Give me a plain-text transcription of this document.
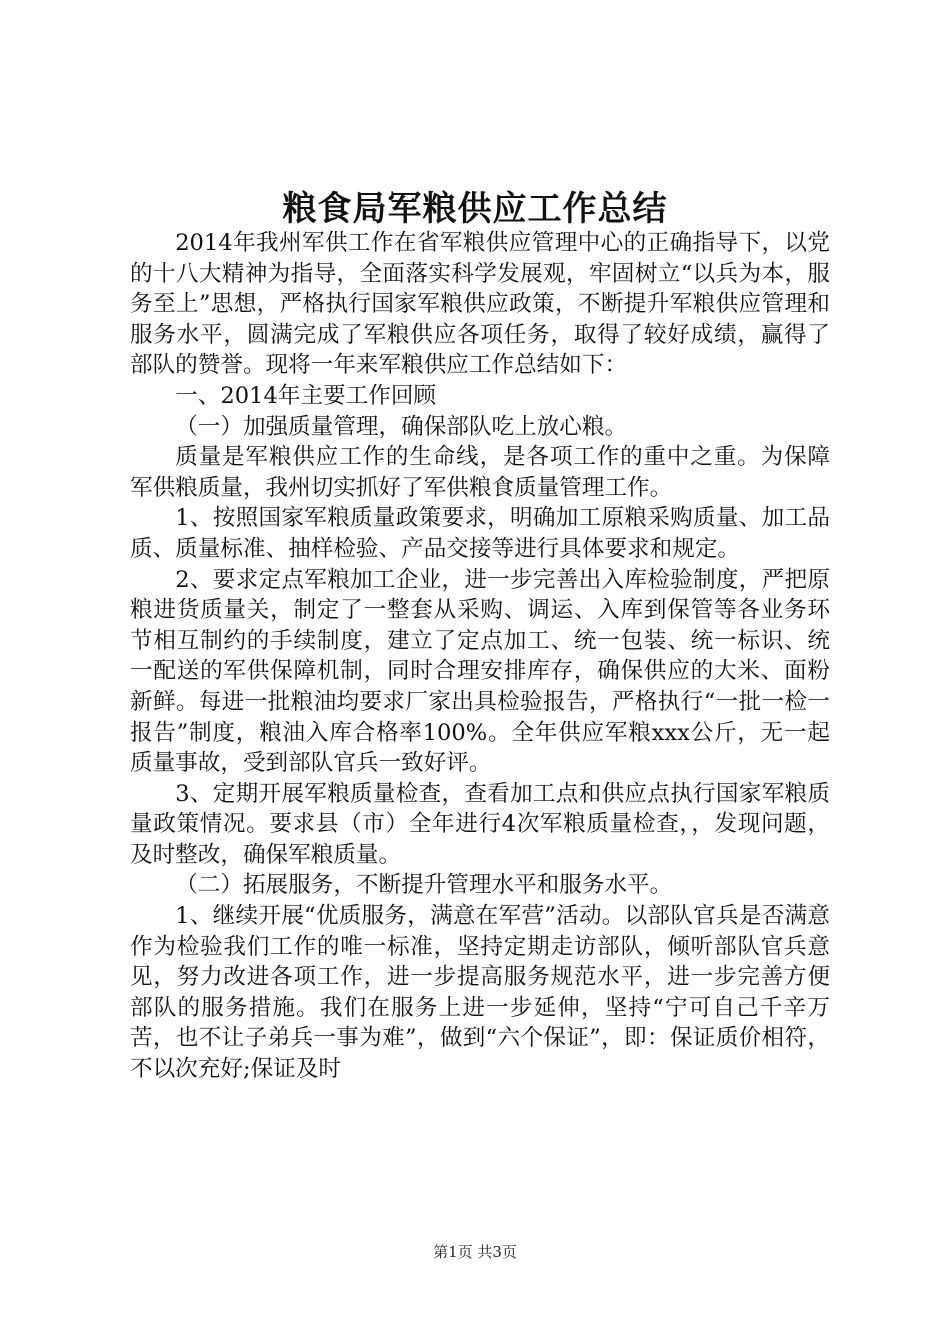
粮食局军粮供应工作总结

2014年我州军供工作在省军粮供应管理中心的正确指导下，以党的十八大精神为指导，全面落实科学发展观，牢固树立“以兵为本，服务至上”思想，严格执行国家军粮供应政策，不断提升军粮供应管理和服务水平，圆满完成了军粮供应各项任务，取得了较好成绩，赢得了部队的赞誉。现将一年来军粮供应工作总结如下：

一、2014年主要工作回顾

（一）加强质量管理，确保部队吃上放心粮。

质量是军粮供应工作的生命线，是各项工作的重中之重。为保障军供粮质量，我州切实抓好了军供粮食质量管理工作。

1、按照国家军粮质量政策要求，明确加工原粮采购质量、加工品质、质量标准、抽样检验、产品交接等进行具体要求和规定。

2、要求定点军粮加工企业，进一步完善出入库检验制度，严把原粮进货质量关，制定了一整套从采购、调运、入库到保管等各业务环节相互制约的手续制度，建立了定点加工、统一包装、统一标识、统一配送的军供保障机制，同时合理安排库存，确保供应的大米、面粉新鲜。每进一批粮油均要求厂家出具检验报告，严格执行“一批一检一报告”制度，粮油入库合格率100%。全年供应军粮xxx公斤，无一起质量事故，受到部队官兵一致好评。

3、定期开展军粮质量检查，查看加工点和供应点执行国家军粮质量政策情况。要求县（市）全年进行4次军粮质量检查，，发现问题，及时整改，确保军粮质量。

（二）拓展服务，不断提升管理水平和服务水平。

1、继续开展“优质服务，满意在军营”活动。以部队官兵是否满意作为检验我们工作的唯一标准，坚持定期走访部队，倾听部队官兵意见，努力改进各项工作，进一步提高服务规范水平，进一步完善方便部队的服务措施。我们在服务上进一步延伸，坚持“宁可自己千辛万苦，也不让子弟兵一事为难”，做到“六个保证”，即：保证质价相符，不以次充好;保证及时

第1页 共3页
